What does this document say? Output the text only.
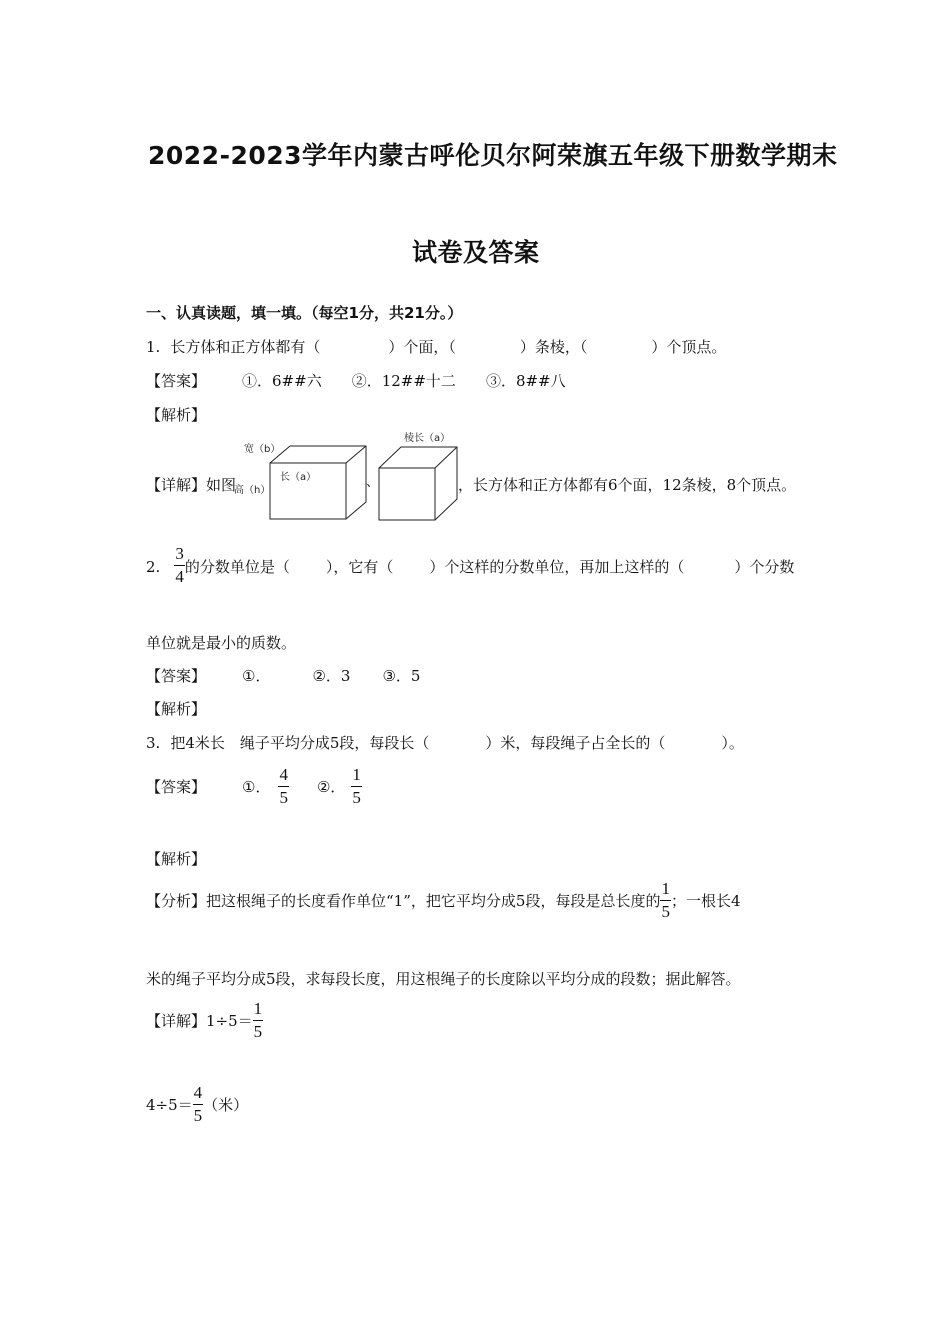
2022-2023学年内蒙古呼伦贝尔阿荣旗五年级下册数学期末
试卷及答案
一、认真读题，填一填。（每空1分，共21分。）
1. 长方体和正方体都有（	）个面，（	）条棱，（	）个顶点。
【答案】 ①．6##六 ②．12##十二 ③．8##八
【解析】
【详解】如图
宽（b）
高（h）
长（a）	、
棱长（a）
，长方体和正方体都有6个面，12条棱，8个顶点。
2. $\frac{3}{4}$ 的分数单位是（ ），它有（ ）个这样的分数单位，再加上这样的（	）个分数
单位就是最小的质数。
【答案】 ①．	②．3 ③．5
【解析】
3. 把4米长　绳子平均分成5段，每段长（	）米，每段绳子占全长的（	）。
【答案】 ①． $\frac{4}{5}$ ②． $\frac{1}{5}$
【解析】
【分析】把这根绳子的长度看作单位“1”，把它平均分成5段，每段是总长度的 $\frac{1}{5}$ ；一根长4
米的绳子平均分成5段，求每段长度，用这根绳子的长度除以平均分成的段数；据此解答。
【详解】$1\div 5= \frac{1}{5}$
$4\div 5= \frac{4}{5}$ （米）
